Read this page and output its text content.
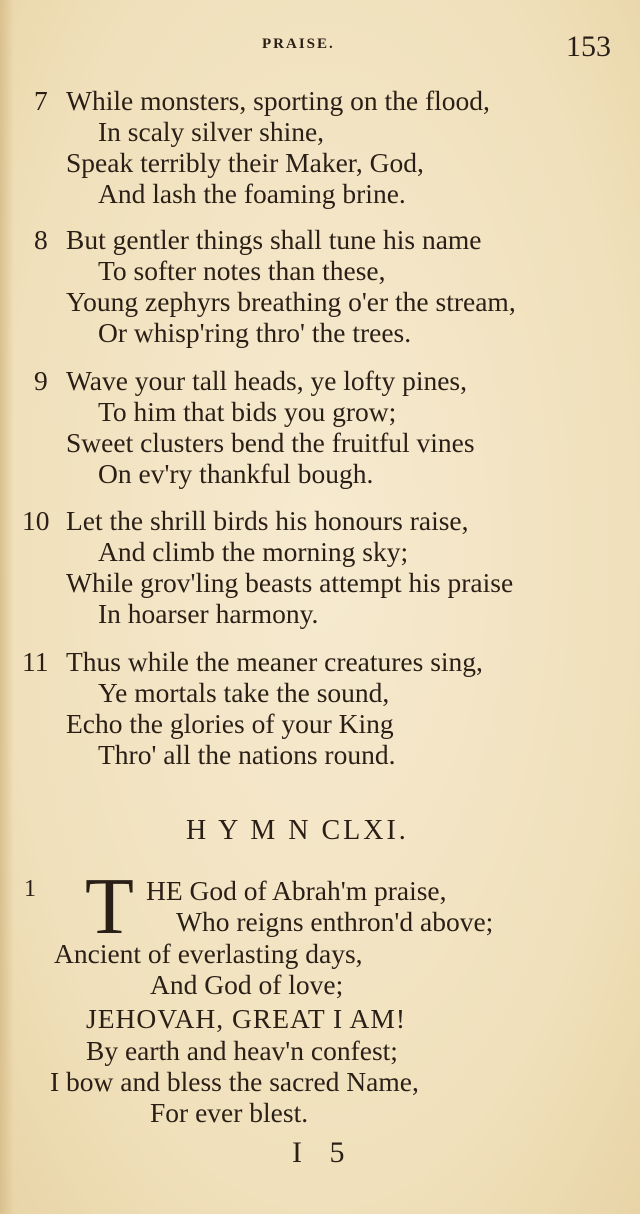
PRAISE.	153
7 While monsters, sporting on the flood,
In scaly silver shine,
Speak terribly their Maker, God,
And lash the foaming brine.
8 But gentler things shall tune his name
To softer notes than these,
Young zephyrs breathing o'er the stream,
Or whisp'ring thro' the trees.
9 Wave your tall heads, ye lofty pines,
To him that bids you grow;
Sweet clusters bend the fruitful vines
On ev'ry thankful bough.
10 Let the shrill birds his honours raise,
And climb the morning sky;
While grov'ling beasts attempt his praise
In hoarser harmony.
11 Thus while the meaner creatures sing,
Ye mortals take the sound,
Echo the glories of your King
Thro' all the nations round.
H Y M N CLXI.
1 T HE God of Abrah'm praise,
Who reigns enthron'd above;
Ancient of everlasting days,
And God of love;
JEHOVAH, GREAT I AM!
By earth and heav'n confest;
I bow and bless the sacred Name,
For ever blest.
I 5
